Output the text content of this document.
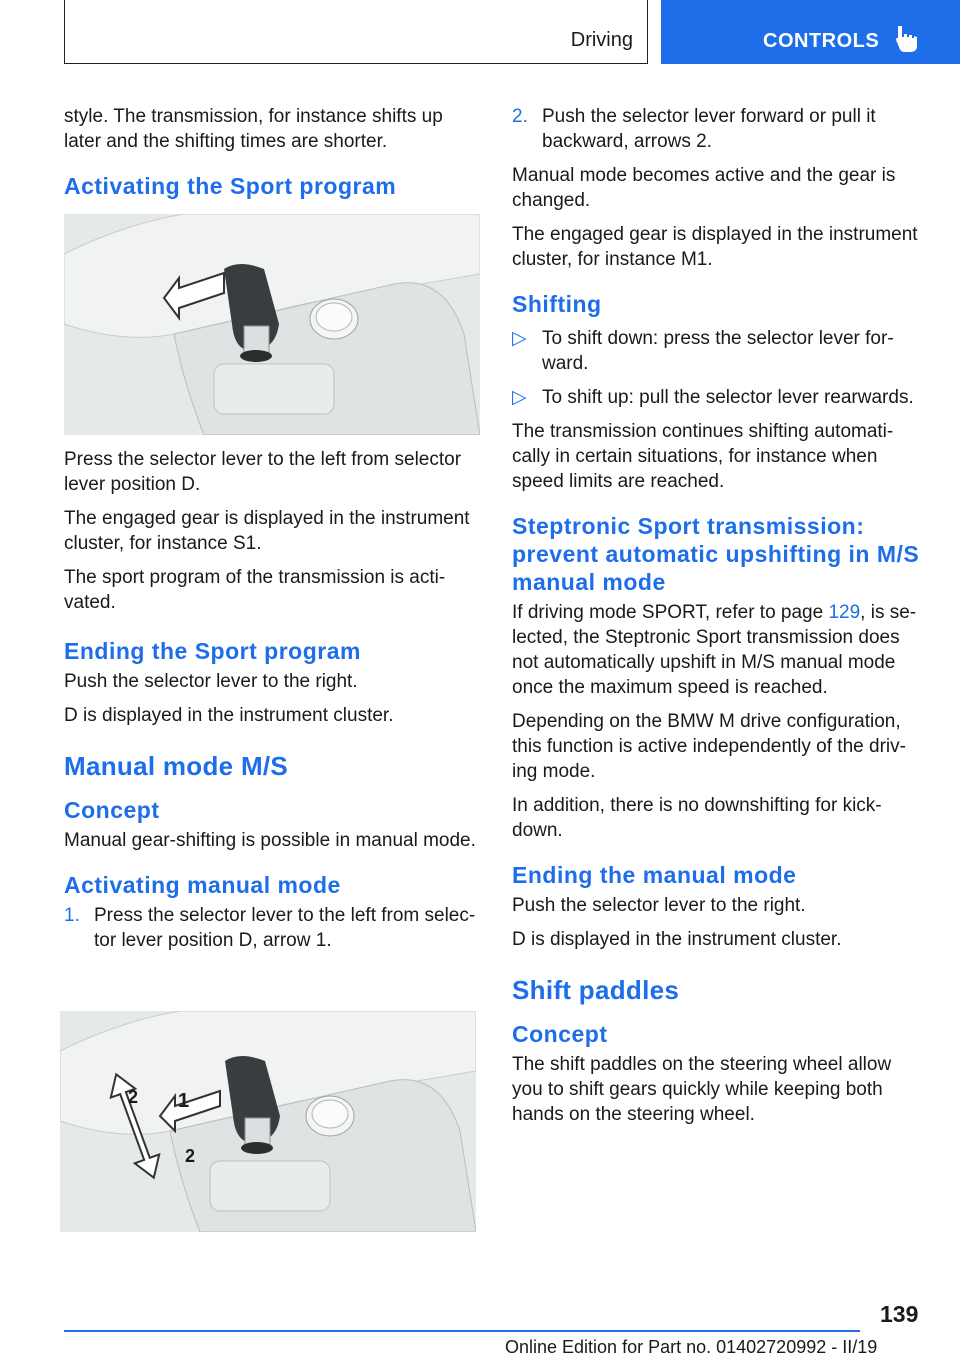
Driving	CONTROLS

style. The transmission, for instance shifts up later and the shifting times are shorter.

Activating the Sport program

Press the selector lever to the left from selector lever position D.

The engaged gear is displayed in the instrument cluster, for instance S1.

The sport program of the transmission is acti‐vated.

Ending the Sport program

Push the selector lever to the right.

D is displayed in the instrument cluster.

Manual mode M/S
Concept

Manual gear-shifting is possible in manual mode.

Activating manual mode
1. Press the selector lever to the left from selec‐tor lever position D, arrow 1.
1
2
2
2. Push the selector lever forward or pull it backward, arrows 2.

Manual mode becomes active and the gear is changed.

The engaged gear is displayed in the instrument cluster, for instance M1.

Shifting
▷ To shift down: press the selector lever for‐ward.
▷ To shift up: pull the selector lever rearwards.

The transmission continues shifting automati‐cally in certain situations, for instance when speed limits are reached.

Steptronic Sport transmission: prevent automatic upshifting in M/S manual mode

If driving mode SPORT, refer to page 129, is se‐lected, the Steptronic Sport transmission does not automatically upshift in M/S manual mode once the maximum speed is reached.

Depending on the BMW M drive configuration, this function is active independently of the driv‐ing mode.

In addition, there is no downshifting for kick‐down.

Ending the manual mode

Push the selector lever to the right.

D is displayed in the instrument cluster.

Shift paddles
Concept

The shift paddles on the steering wheel allow you to shift gears quickly while keeping both hands on the steering wheel.

139
Online Edition for Part no. 01402720992 - II/19
